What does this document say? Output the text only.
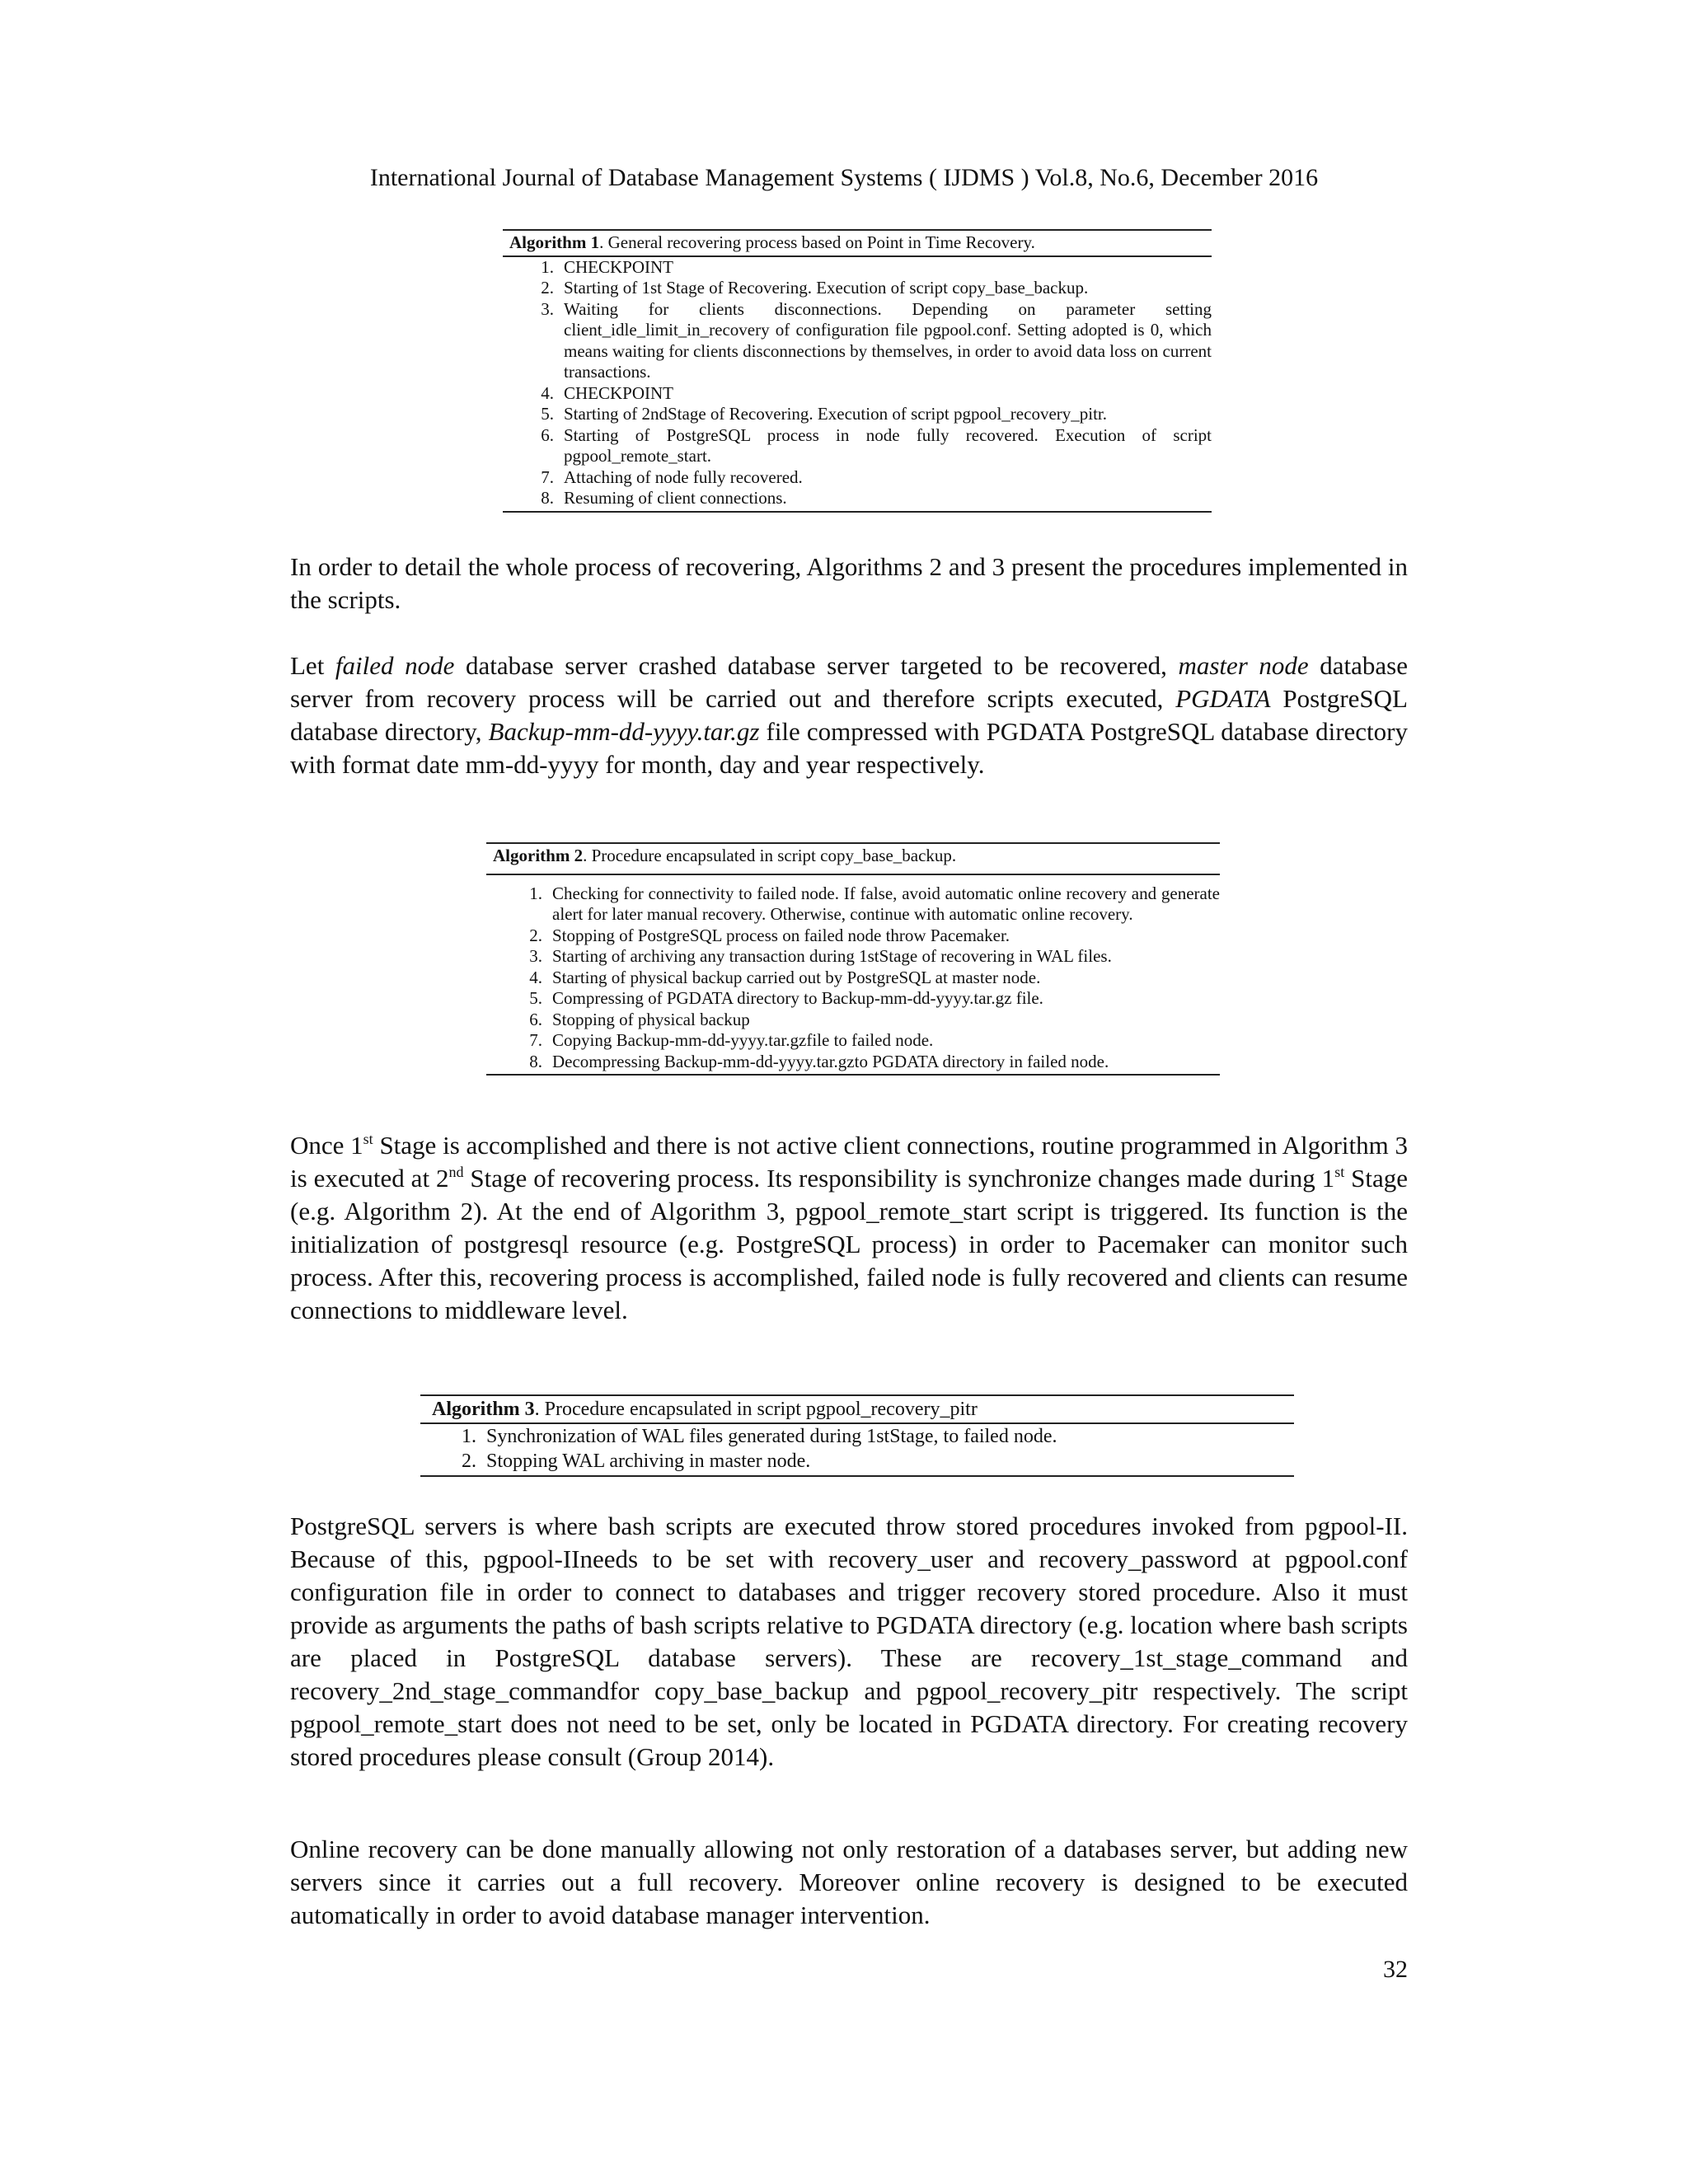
International Journal of Database Management Systems ( IJDMS ) Vol.8, No.6, December 2016
Algorithm 1. General recovering process based on Point in Time Recovery.
1. CHECKPOINT
2. Starting of 1st Stage of Recovering. Execution of script copy_base_backup.
3. Waiting for clients disconnections. Depending on parameter setting client_idle_limit_in_recovery of configuration file pgpool.conf. Setting adopted is 0, which means waiting for clients disconnections by themselves, in order to avoid data loss on current transactions.
4. CHECKPOINT
5. Starting of 2ndStage of Recovering. Execution of script pgpool_recovery_pitr.
6. Starting of PostgreSQL process in node fully recovered. Execution of script pgpool_remote_start.
7. Attaching of node fully recovered.
8. Resuming of client connections.
In order to detail the whole process of recovering, Algorithms 2 and 3 present the procedures implemented in the scripts.
Let failed node database server crashed database server targeted to be recovered, master node database server from recovery process will be carried out and therefore scripts executed, PGDATA PostgreSQL database directory, Backup-mm-dd-yyyy.tar.gz file compressed with PGDATA PostgreSQL database directory with format date mm-dd-yyyy for month, day and year respectively.
Algorithm 2. Procedure encapsulated in script copy_base_backup.
1. Checking for connectivity to failed node. If false, avoid automatic online recovery and generate alert for later manual recovery. Otherwise, continue with automatic online recovery.
2. Stopping of PostgreSQL process on failed node throw Pacemaker.
3. Starting of archiving any transaction during 1stStage of recovering in WAL files.
4. Starting of physical backup carried out by PostgreSQL at master node.
5. Compressing of PGDATA directory to Backup-mm-dd-yyyy.tar.gz file.
6. Stopping of physical backup
7. Copying Backup-mm-dd-yyyy.tar.gzfile to failed node.
8. Decompressing Backup-mm-dd-yyyy.tar.gzto PGDATA directory in failed node.
Once 1st Stage is accomplished and there is not active client connections, routine programmed in Algorithm 3 is executed at 2nd Stage of recovering process. Its responsibility is synchronize changes made during 1st Stage (e.g. Algorithm 2). At the end of Algorithm 3, pgpool_remote_start script is triggered. Its function is the initialization of postgresql resource (e.g. PostgreSQL process) in order to Pacemaker can monitor such process. After this, recovering process is accomplished, failed node is fully recovered and clients can resume connections to middleware level.
Algorithm 3. Procedure encapsulated in script pgpool_recovery_pitr
1. Synchronization of WAL files generated during 1stStage, to failed node.
2. Stopping WAL archiving in master node.
PostgreSQL servers is where bash scripts are executed throw stored procedures invoked from pgpool-II. Because of this, pgpool-IIneeds to be set with recovery_user and recovery_password at pgpool.conf configuration file in order to connect to databases and trigger recovery stored procedure. Also it must provide as arguments the paths of bash scripts relative to PGDATA directory (e.g. location where bash scripts are placed in PostgreSQL database servers). These are recovery_1st_stage_command and recovery_2nd_stage_commandfor copy_base_backup and pgpool_recovery_pitr respectively. The script pgpool_remote_start does not need to be set, only be located in PGDATA directory. For creating recovery stored procedures please consult (Group 2014).
Online recovery can be done manually allowing not only restoration of a databases server, but adding new servers since it carries out a full recovery. Moreover online recovery is designed to be executed automatically in order to avoid database manager intervention.
32
